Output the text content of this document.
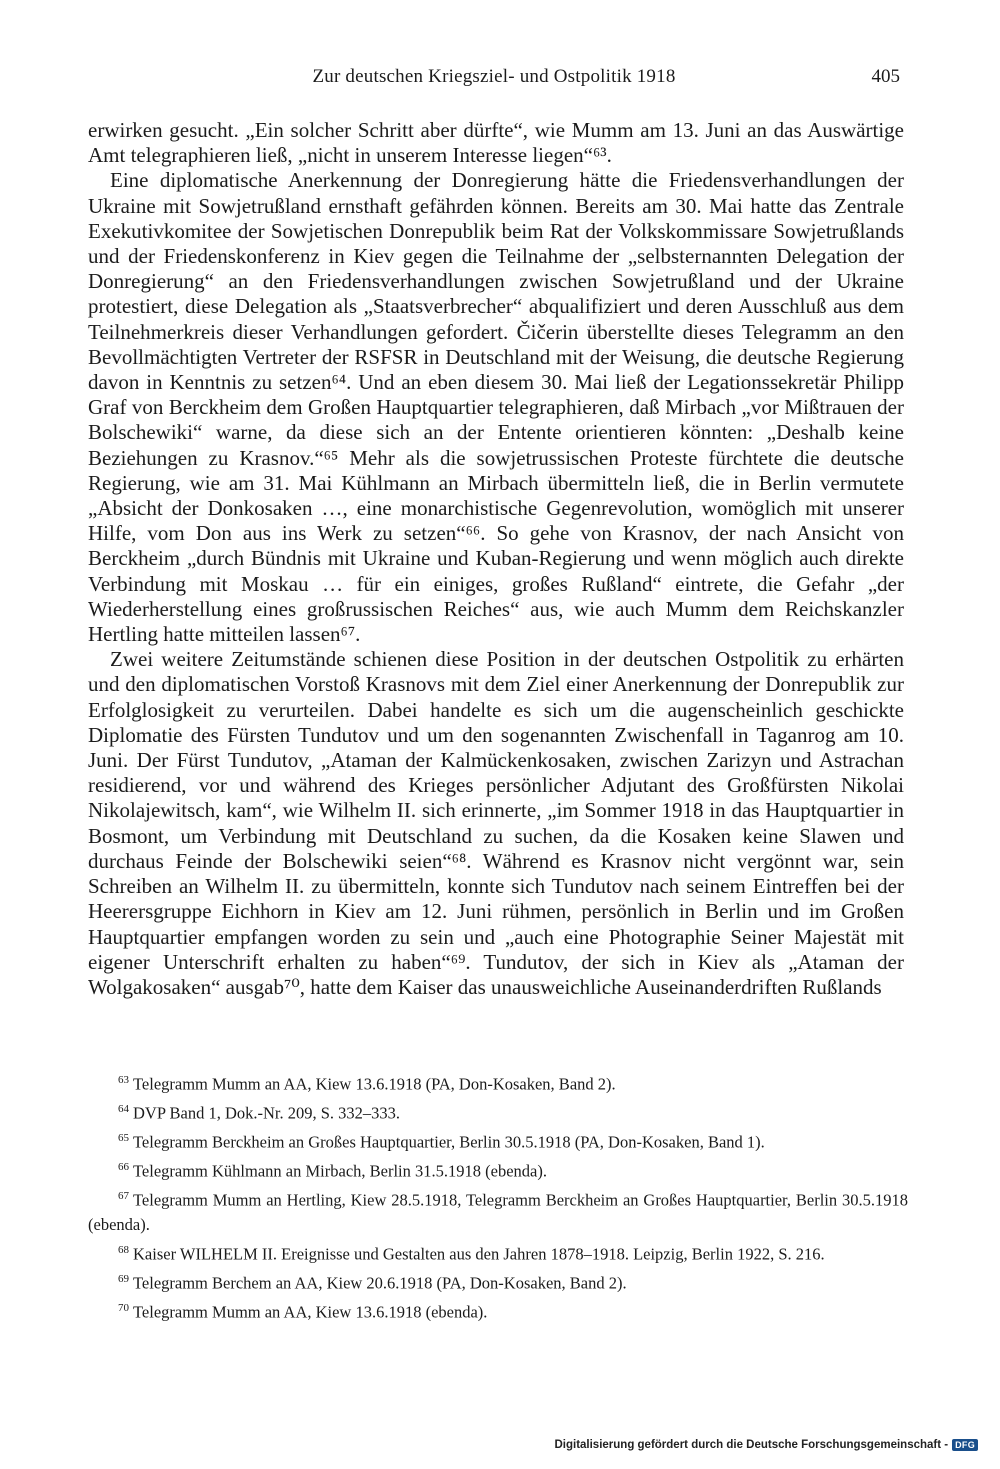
Zur deutschen Kriegsziel- und Ostpolitik 1918	405

erwirken gesucht. „Ein solcher Schritt aber dürfte“, wie Mumm am 13. Juni an das Auswärtige Amt telegraphieren ließ, „nicht in unserem Interesse liegen“⁶³.

Eine diplomatische Anerkennung der Donregierung hätte die Friedensverhandlungen der Ukraine mit Sowjetrußland ernsthaft gefährden können. Bereits am 30. Mai hatte das Zentrale Exekutivkomitee der Sowjetischen Donrepublik beim Rat der Volkskommissare Sowjetrußlands und der Friedenskonferenz in Kiev gegen die Teilnahme der „selbsternannten Delegation der Donregierung“ an den Friedensverhandlungen zwischen Sowjetrußland und der Ukraine protestiert, diese Delegation als „Staatsverbrecher“ abqualifiziert und deren Ausschluß aus dem Teilnehmerkreis dieser Verhandlungen gefordert. Čičerin überstellte dieses Telegramm an den Bevollmächtigten Vertreter der RSFSR in Deutschland mit der Weisung, die deutsche Regierung davon in Kenntnis zu setzen⁶⁴. Und an eben diesem 30. Mai ließ der Legationssekretär Philipp Graf von Berckheim dem Großen Hauptquartier telegraphieren, daß Mirbach „vor Mißtrauen der Bolschewiki“ warne, da diese sich an der Entente orientieren könnten: „Deshalb keine Beziehungen zu Krasnov.“⁶⁵ Mehr als die sowjetrussischen Proteste fürchtete die deutsche Regierung, wie am 31. Mai Kühlmann an Mirbach übermitteln ließ, die in Berlin vermutete „Absicht der Donkosaken …, eine monarchistische Gegenrevolution, womöglich mit unserer Hilfe, vom Don aus ins Werk zu setzen“⁶⁶. So gehe von Krasnov, der nach Ansicht von Berckheim „durch Bündnis mit Ukraine und Kuban-Regierung und wenn möglich auch direkte Verbindung mit Moskau … für ein einiges, großes Rußland“ eintrete, die Gefahr „der Wiederherstellung eines großrussischen Reiches“ aus, wie auch Mumm dem Reichskanzler Hertling hatte mitteilen lassen⁶⁷.

Zwei weitere Zeitumstände schienen diese Position in der deutschen Ostpolitik zu erhärten und den diplomatischen Vorstoß Krasnovs mit dem Ziel einer Anerkennung der Donrepublik zur Erfolglosigkeit zu verurteilen. Dabei handelte es sich um die augenscheinlich geschickte Diplomatie des Fürsten Tundutov und um den sogenannten Zwischenfall in Taganrog am 10. Juni. Der Fürst Tundutov, „Ataman der Kalmückenkosaken, zwischen Zarizyn und Astrachan residierend, vor und während des Krieges persönlicher Adjutant des Großfürsten Nikolai Nikolajewitsch, kam“, wie Wilhelm II. sich erinnerte, „im Sommer 1918 in das Hauptquartier in Bosmont, um Verbindung mit Deutschland zu suchen, da die Kosaken keine Slawen und durchaus Feinde der Bolschewiki seien“⁶⁸. Während es Krasnov nicht vergönnt war, sein Schreiben an Wilhelm II. zu übermitteln, konnte sich Tundutov nach seinem Eintreffen bei der Heerersgruppe Eichhorn in Kiev am 12. Juni rühmen, persönlich in Berlin und im Großen Hauptquartier empfangen worden zu sein und „auch eine Photographie Seiner Majestät mit eigener Unterschrift erhalten zu haben“⁶⁹. Tundutov, der sich in Kiev als „Ataman der Wolgakosaken“ ausgab⁷⁰, hatte dem Kaiser das unausweichliche Auseinanderdriften Rußlands

$^{63}$ Telegramm Mumm an AA, Kiew 13.6.1918 (PA, Don-Kosaken, Band 2).

$^{64}$ DVP Band 1, Dok.-Nr. 209, S. 332–333.

$^{65}$ Telegramm Berckheim an Großes Hauptquartier, Berlin 30.5.1918 (PA, Don-Kosaken, Band 1).

$^{66}$ Telegramm Kühlmann an Mirbach, Berlin 31.5.1918 (ebenda).

$^{67}$ Telegramm Mumm an Hertling, Kiew 28.5.1918, Telegramm Berckheim an Großes Hauptquartier, Berlin 30.5.1918 (ebenda).

$^{68}$ Kaiser WILHELM II. Ereignisse und Gestalten aus den Jahren 1878–1918. Leipzig, Berlin 1922, S. 216.

$^{69}$ Telegramm Berchem an AA, Kiew 20.6.1918 (PA, Don-Kosaken, Band 2).

$^{70}$ Telegramm Mumm an AA, Kiew 13.6.1918 (ebenda).

Digitalisierung gefördert durch die Deutsche Forschungsgemeinschaft - DFG
